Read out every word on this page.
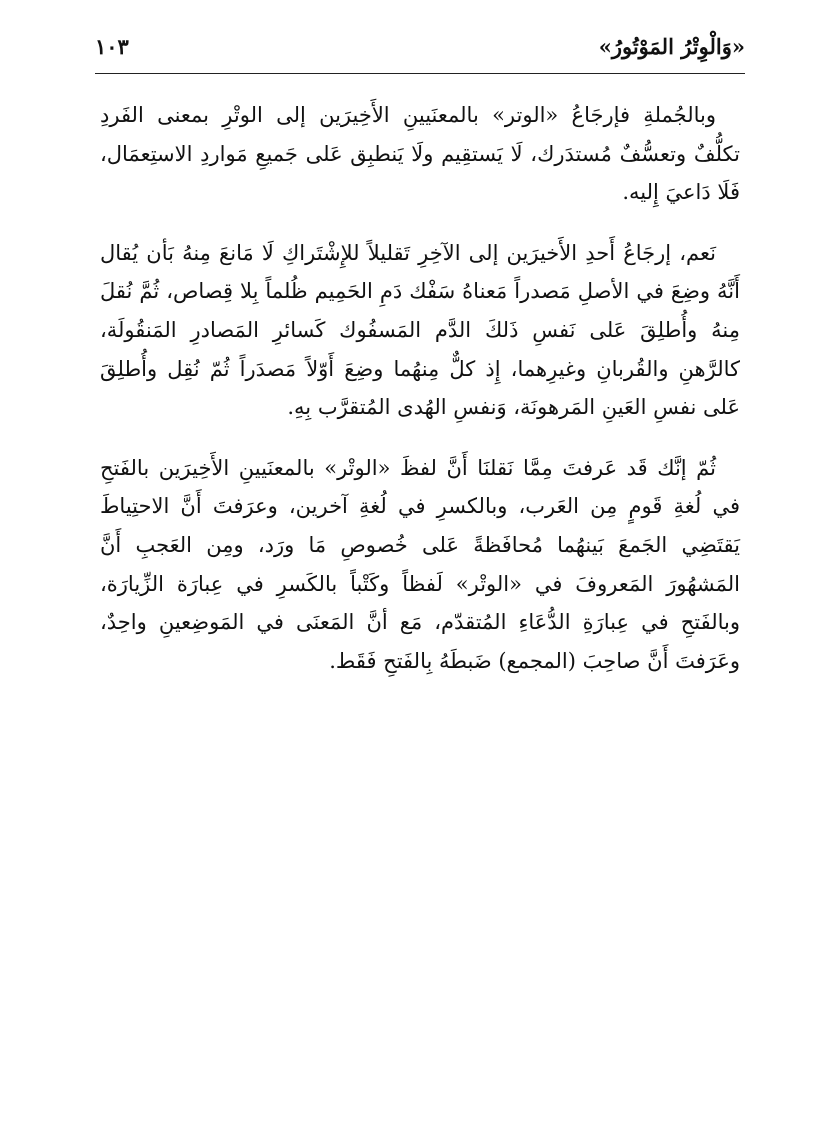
«وَالْوِتْرُ المَوْتُورُ»
١٠٣

وبالجُملةِ فإرجَاعُ «الوتر» بالمعنَيينِ الأَخِيرَين إلى الوتْرِ بمعنى الفَردِ تكلُّفٌ وتعسُّفٌ مُستدَرك، لَا يَستقِيم ولَا يَنطبِق عَلى جَميعِ مَواردِ الاستِعمَال، فَلَا دَاعيَ إِليه.

نَعم، إرجَاعُ أَحدِ الأَخيرَين إلى الآخِرِ تَقليلاً للإِشْتَراكِ لَا مَانعَ مِنهُ بَأن يُقال أَنَّهُ وضِعَ في الأصلِ مَصدراً مَعناهُ سَفْك دَمِ الحَمِيم ظُلماً بِلا قِصاص، ثُمَّ نُقلَ مِنهُ وأُطلِقَ عَلى نَفسِ ذَلكَ الدَّم المَسفُوك كَسائرِ المَصادرِ المَنقُولَة، كالرَّهنِ والقُربانِ وغيرِهما، إِذ كلٌّ مِنهُما وضِعَ أَوّلاً مَصدَراً ثُمّ نُقِل وأُطلِقَ عَلى نفسِ العَينِ المَرهونَة، وَنفسِ الهُدى المُتقرَّب بِهِ.

ثُمّ إنَّك قَد عَرفتَ مِمَّا نَقلنَا أَنَّ لفظَ «الوتْر» بالمعنَيينِ الأَخِيرَين بالفَتحِ في لُغةِ قَومٍ مِن العَرب، وبالكسرِ في لُغةِ آخرين، وعرَفتَ أَنَّ الاحتِياطَ يَقتَضِي الجَمعَ بَينهُما مُحافَظةً عَلى خُصوصِ مَا ورَد، ومِن العَجبِ أَنَّ المَشهُورَ المَعروفَ في «الوتْر» لَفظاً وكَتْباً بالكَسرِ في عِبارَة الزِّيارَة، وبالفَتحِ في عِبارَةِ الدُّعَاءِ المُتقدّم، مَع أنَّ المَعنَى في المَوضِعينِ واحِدٌ، وعَرَفتَ أَنَّ صاحِبَ (المجمع) ضَبطَهُ بِالفَتحِ فَقَط.
